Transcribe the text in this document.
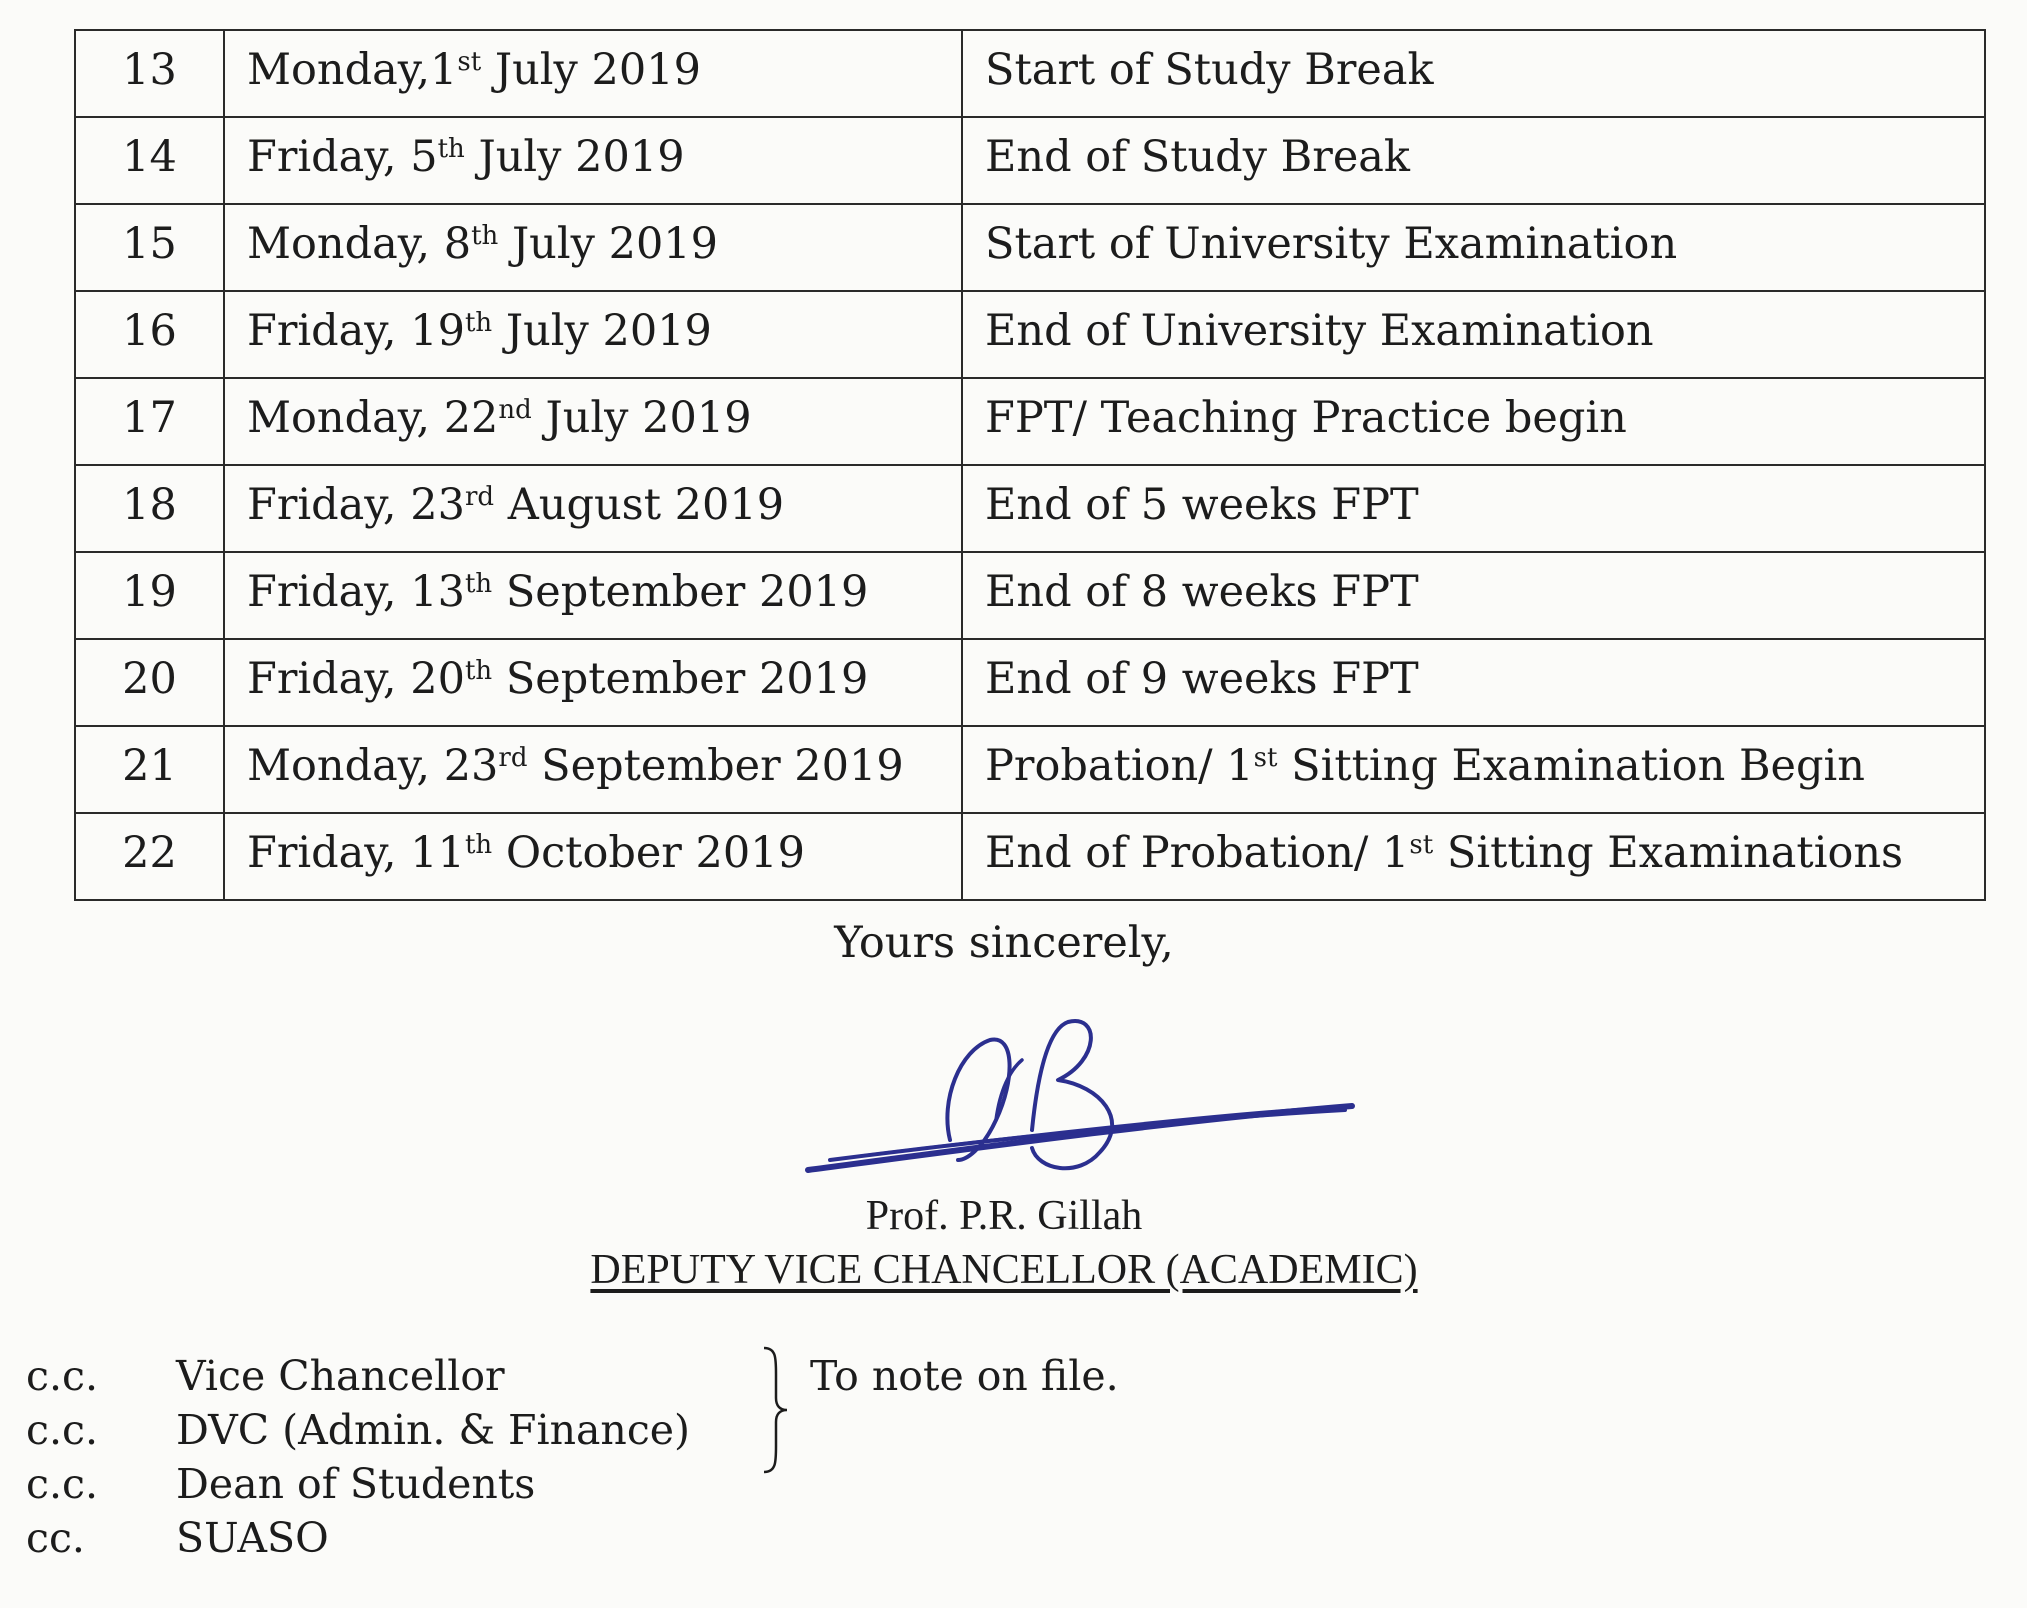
13	Monday,1st July 2019	Start of Study Break
14	Friday, 5th July 2019	End of Study Break
15	Monday, 8th July 2019	Start of University Examination
16	Friday, 19th July 2019	End of University Examination
17	Monday, 22nd July 2019	FPT/ Teaching Practice begin
18	Friday, 23rd August 2019	End of 5 weeks FPT
19	Friday, 13th September 2019	End of 8 weeks FPT
20	Friday, 20th September 2019	End of 9 weeks FPT
21	Monday, 23rd September 2019	Probation/ 1st Sitting Examination Begin
22	Friday, 11th October 2019	End of Probation/ 1st Sitting Examinations
Yours sincerely,
Prof. P.R. Gillah
DEPUTY VICE CHANCELLOR (ACADEMIC)
c.c. Vice Chancellor
c.c. DVC (Admin. & Finance)
c.c. Dean of Students
cc. SUASO
To note on file.
